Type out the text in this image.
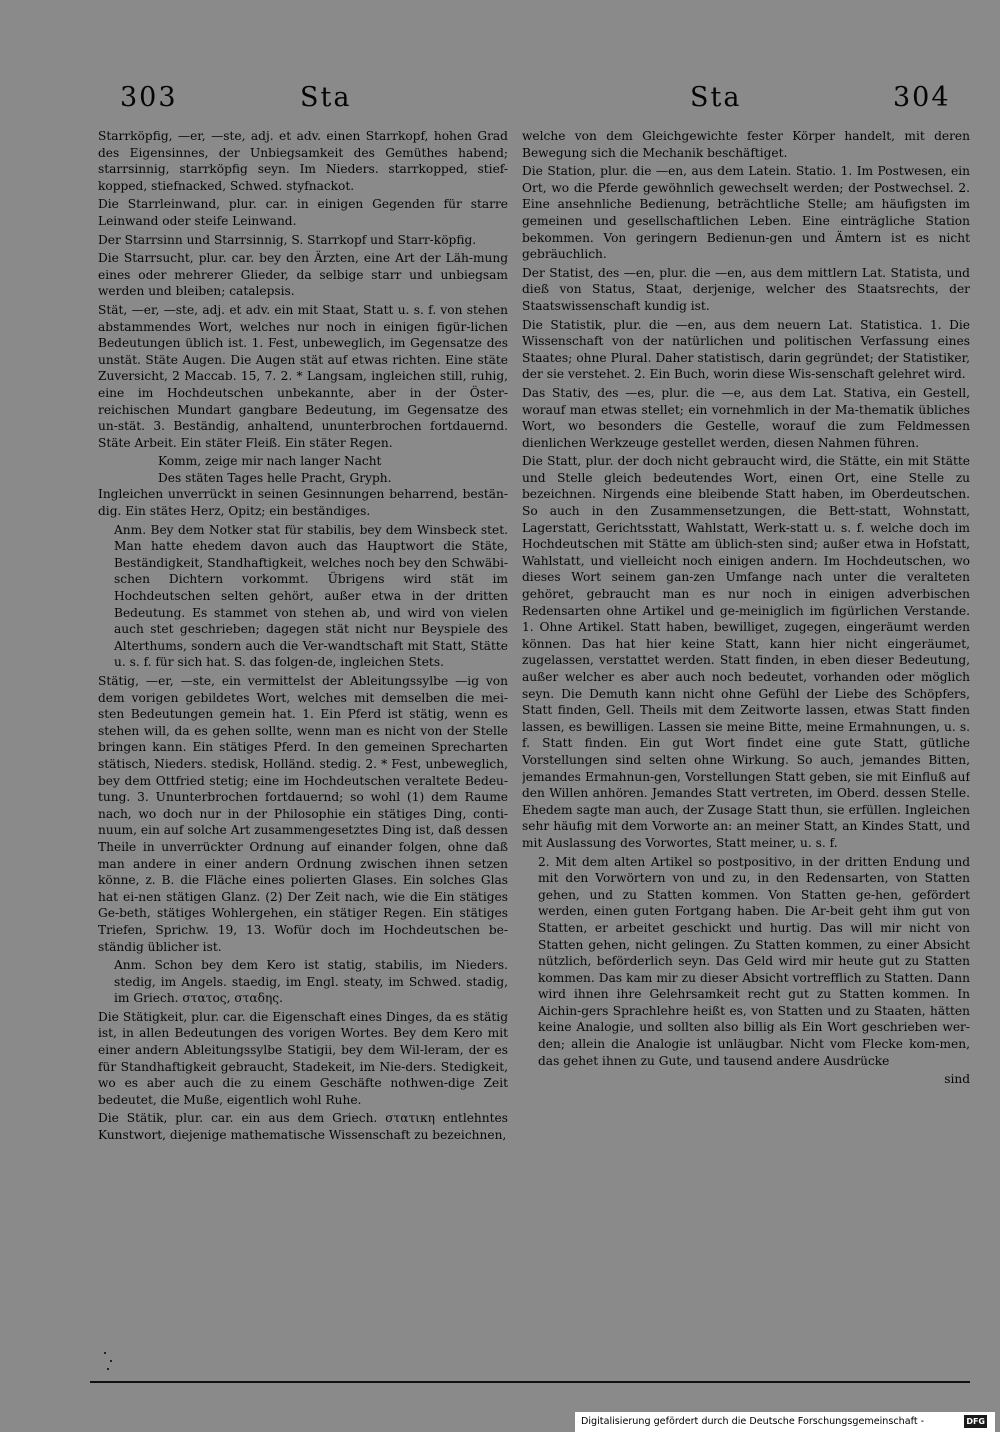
303	Sta	Sta	304

Starrköpfig, —er, —ste, adj. et adv. einen Starrkopf, hohen Grad des Eigensinnes, der Unbiegsamkeit des Gemüthes habend; starrsinnig, starrköpfig seyn. Im Nieders. starrkopped, stief-kopped, stiefnacked, Schwed. styfnackot.

Die Starrleinwand, plur. car. in einigen Gegenden für starre Leinwand oder steife Leinwand.

Der Starrsinn und Starrsinnig, S. Starrkopf und Starr-köpfig.

Die Starrsucht, plur. car. bey den Ärzten, eine Art der Läh-mung eines oder mehrerer Glieder, da selbige starr und unbiegsam werden und bleiben; catalepsis.

Stät, —er, —ste, adj. et adv. ein mit Staat, Statt u. s. f. von stehen abstammendes Wort, welches nur noch in einigen figür-lichen Bedeutungen üblich ist. 1. Fest, unbeweglich, im Gegensatze des unstät. Stäte Augen. Die Augen stät auf etwas richten. Eine stäte Zuversicht, 2 Maccab. 15, 7. 2. * Langsam, ingleichen still, ruhig, eine im Hochdeutschen unbekannte, aber in der Öster-reichischen Mundart gangbare Bedeutung, im Gegensatze des un-stät. 3. Beständig, anhaltend, ununterbrochen fortdauernd. Stäte Arbeit. Ein stäter Fleiß. Ein stäter Regen.

Komm, zeige mir nach langer Nacht

Des stäten Tages helle Pracht, Gryph.

Ingleichen unverrückt in seinen Gesinnungen beharrend, bestän-dig. Ein stätes Herz, Opitz; ein beständiges.

Anm. Bey dem Notker stat für stabilis, bey dem Winsbeck stet. Man hatte ehedem davon auch das Hauptwort die Stäte, Beständigkeit, Standhaftigkeit, welches noch bey den Schwäbi-schen Dichtern vorkommt. Übrigens wird stät im Hochdeutschen selten gehört, außer etwa in der dritten Bedeutung. Es stammet von stehen ab, und wird von vielen auch stet geschrieben; dagegen stät nicht nur Beyspiele des Alterthums, sondern auch die Ver-wandtschaft mit Statt, Stätte u. s. f. für sich hat. S. das folgen-de, ingleichen Stets.

Stätig, —er, —ste, ein vermittelst der Ableitungssylbe —ig von dem vorigen gebildetes Wort, welches mit demselben die mei-sten Bedeutungen gemein hat. 1. Ein Pferd ist stätig, wenn es stehen will, da es gehen sollte, wenn man es nicht von der Stelle bringen kann. Ein stätiges Pferd. In den gemeinen Sprecharten stätisch, Nieders. stedisk, Holländ. stedig. 2. * Fest, unbeweglich, bey dem Ottfried stetig; eine im Hochdeutschen veraltete Bedeu-tung. 3. Ununterbrochen fortdauernd; so wohl (1) dem Raume nach, wo doch nur in der Philosophie ein stätiges Ding, conti-nuum, ein auf solche Art zusammengesetztes Ding ist, daß dessen Theile in unverrückter Ordnung auf einander folgen, ohne daß man andere in einer andern Ordnung zwischen ihnen setzen könne, z. B. die Fläche eines polierten Glases. Ein solches Glas hat ei-nen stätigen Glanz. (2) Der Zeit nach, wie die Ein stätiges Ge-beth, stätiges Wohlergehen, ein stätiger Regen. Ein stätiges Triefen, Sprichw. 19, 13. Wofür doch im Hochdeutschen be-ständig üblicher ist.

Anm. Schon bey dem Kero ist statig, stabilis, im Nieders. stedig, im Angels. staedig, im Engl. steaty, im Schwed. stadig, im Griech. στατος, σταδης.

Die Stätigkeit, plur. car. die Eigenschaft eines Dinges, da es stätig ist, in allen Bedeutungen des vorigen Wortes. Bey dem Kero mit einer andern Ableitungssylbe Statigii, bey dem Wil-leram, der es für Standhaftigkeit gebraucht, Stadekeit, im Nie-ders. Stedigkeit, wo es aber auch die zu einem Geschäfte nothwen-dige Zeit bedeutet, die Muße, eigentlich wohl Ruhe.

Die Stätik, plur. car. ein aus dem Griech. στατικη entlehntes Kunstwort, diejenige mathematische Wissenschaft zu bezeichnen,

welche von dem Gleichgewichte fester Körper handelt, mit deren Bewegung sich die Mechanik beschäftiget.

Die Station, plur. die —en, aus dem Latein. Statio. 1. Im Postwesen, ein Ort, wo die Pferde gewöhnlich gewechselt werden; der Postwechsel. 2. Eine ansehnliche Bedienung, beträchtliche Stelle; am häufigsten im gemeinen und gesellschaftlichen Leben. Eine einträgliche Station bekommen. Von geringern Bedienun-gen und Ämtern ist es nicht gebräuchlich.

Der Statist, des —en, plur. die —en, aus dem mittlern Lat. Statista, und dieß von Status, Staat, derjenige, welcher des Staatsrechts, der Staatswissenschaft kundig ist.

Die Statistik, plur. die —en, aus dem neuern Lat. Statistica. 1. Die Wissenschaft von der natürlichen und politischen Verfassung eines Staates; ohne Plural. Daher statistisch, darin gegründet; der Statistiker, der sie verstehet. 2. Ein Buch, worin diese Wis-senschaft gelehret wird.

Das Stativ, des —es, plur. die —e, aus dem Lat. Stativa, ein Gestell, worauf man etwas stellet; ein vornehmlich in der Ma-thematik übliches Wort, wo besonders die Gestelle, worauf die zum Feldmessen dienlichen Werkzeuge gestellet werden, diesen Nahmen führen.

Die Statt, plur. der doch nicht gebraucht wird, die Stätte, ein mit Stätte und Stelle gleich bedeutendes Wort, einen Ort, eine Stelle zu bezeichnen. Nirgends eine bleibende Statt haben, im Oberdeutschen. So auch in den Zusammensetzungen, die Bett-statt, Wohnstatt, Lagerstatt, Gerichtsstatt, Wahlstatt, Werk-statt u. s. f. welche doch im Hochdeutschen mit Stätte am üblich-sten sind; außer etwa in Hofstatt, Wahlstatt, und vielleicht noch einigen andern. Im Hochdeutschen, wo dieses Wort seinem gan-zen Umfange nach unter die veralteten gehöret, gebraucht man es nur noch in einigen adverbischen Redensarten ohne Artikel und ge-meiniglich im figürlichen Verstande. 1. Ohne Artikel. Statt haben, bewilliget, zugegen, eingeräumt werden können. Das hat hier keine Statt, kann hier nicht eingeräumet, zugelassen, verstattet werden. Statt finden, in eben dieser Bedeutung, außer welcher es aber auch noch bedeutet, vorhanden oder möglich seyn. Die Demuth kann nicht ohne Gefühl der Liebe des Schöpfers, Statt finden, Gell. Theils mit dem Zeitworte lassen, etwas Statt finden lassen, es bewilligen. Lassen sie meine Bitte, meine Ermahnungen, u. s. f. Statt finden. Ein gut Wort findet eine gute Statt, gütliche Vorstellungen sind selten ohne Wirkung. So auch, jemandes Bitten, jemandes Ermahnun-gen, Vorstellungen Statt geben, sie mit Einfluß auf den Willen anhören. Jemandes Statt vertreten, im Oberd. dessen Stelle. Ehedem sagte man auch, der Zusage Statt thun, sie erfüllen. Ingleichen sehr häufig mit dem Vorworte an: an meiner Statt, an Kindes Statt, und mit Auslassung des Vorwortes, Statt meiner, u. s. f.

2. Mit dem alten Artikel so postpositivo, in der dritten Endung und mit den Vorwörtern von und zu, in den Redensarten, von Statten gehen, und zu Statten kommen. Von Statten ge-hen, gefördert werden, einen guten Fortgang haben. Die Ar-beit geht ihm gut von Statten, er arbeitet geschickt und hurtig. Das will mir nicht von Statten gehen, nicht gelingen. Zu Statten kommen, zu einer Absicht nützlich, beförderlich seyn. Das Geld wird mir heute gut zu Statten kommen. Das kam mir zu dieser Absicht vortrefflich zu Statten. Dann wird ihnen ihre Gelehrsamkeit recht gut zu Statten kommen. In Aichin-gers Sprachlehre heißt es, von Statten und zu Staaten, hätten keine Analogie, und sollten also billig als Ein Wort geschrieben wer-den; allein die Analogie ist unläugbar. Nicht vom Flecke kom-men, das gehet ihnen zu Gute, und tausend andere Ausdrücke

sind

Digitalisierung gefördert durch die Deutsche Forschungsgemeinschaft -	DFG
